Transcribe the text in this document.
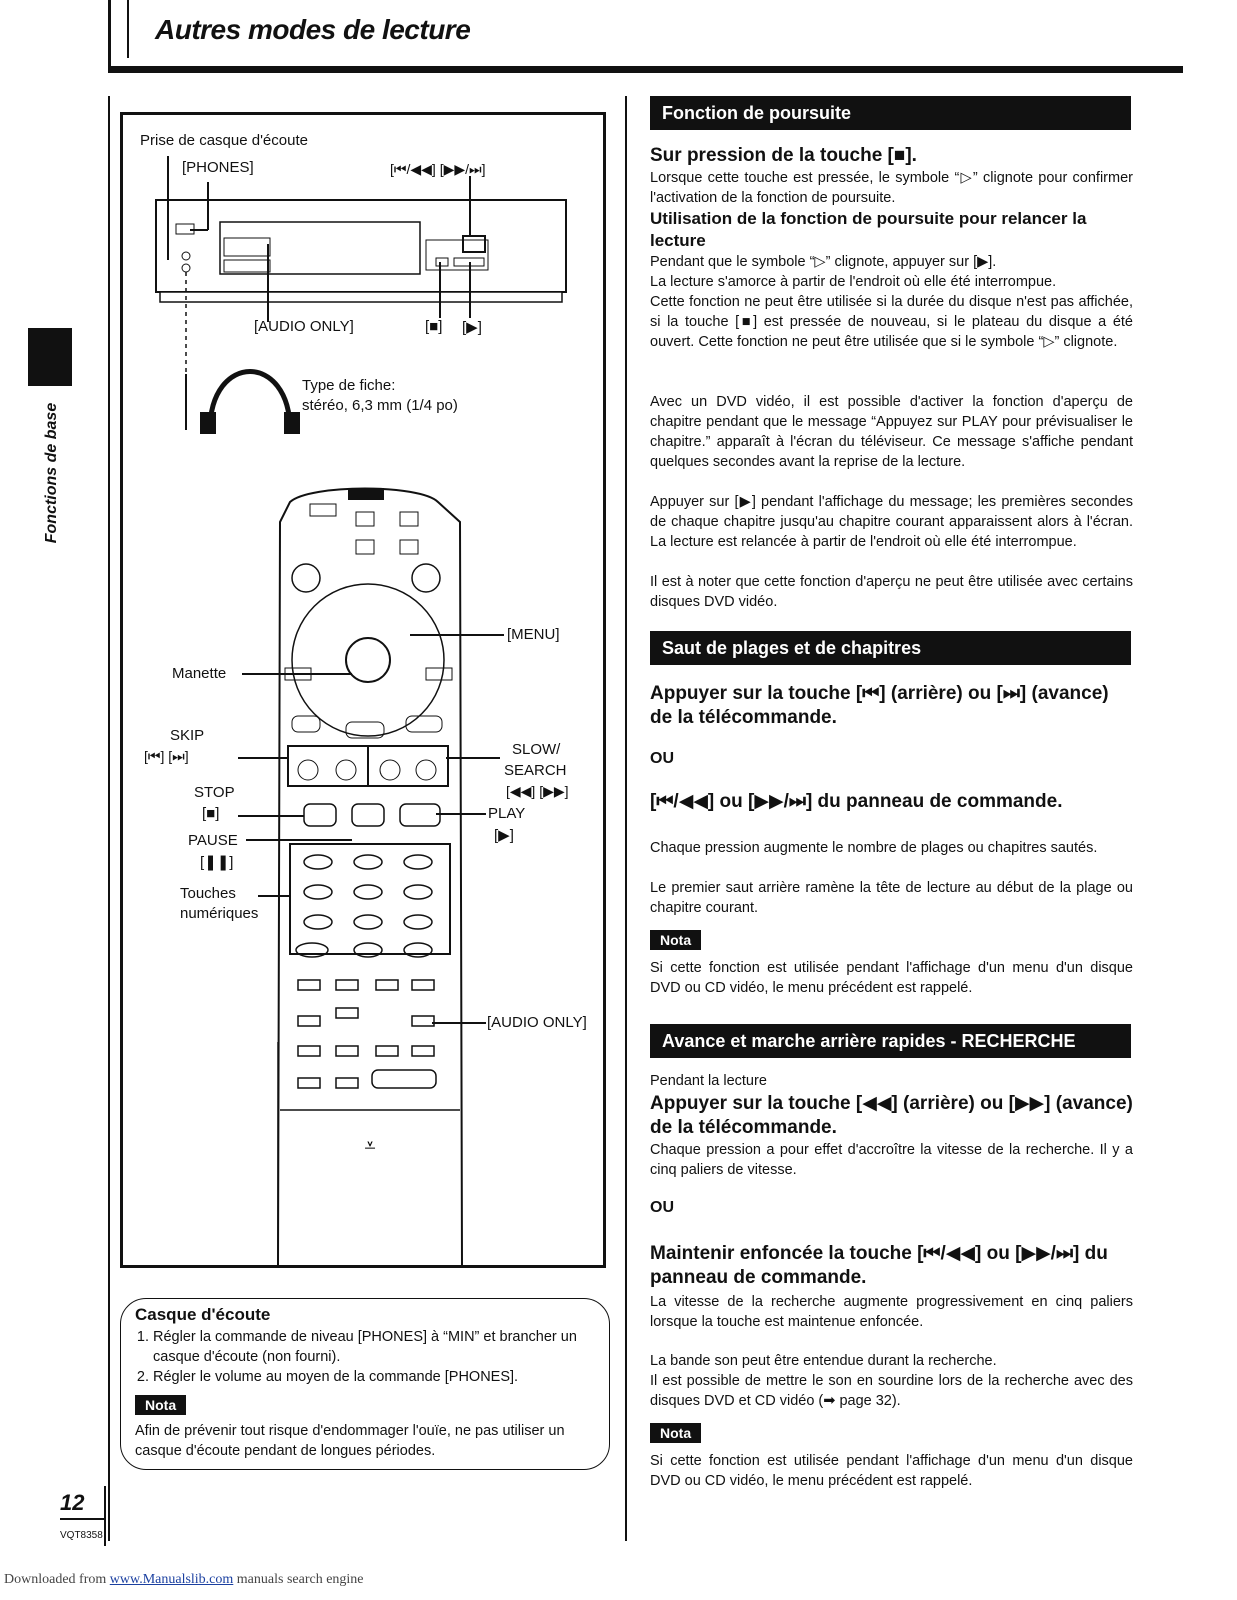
Autres modes de lecture
Fonctions de base
⩡
Prise de casque d'écoute
[PHONES]	[⏮/◀◀] [▶▶/⏭]
[AUDIO ONLY]	[■] [▶]
Type de fiche:
stéréo, 6,3 mm (1/4 po)
[MENU]
Manette
SKIP
[⏮] [⏭]	SLOW/
SEARCH
[◀◀] [▶▶]
STOP
[■]	PLAY
[▶]
PAUSE
[❚❚]
Touches
numériques
[AUDIO ONLY]
Casque d'écoute
1. Régler la commande de niveau [PHONES] à “MIN” et brancher un casque d'écoute (non fourni).
2. Régler le volume au moyen de la commande [PHONES].
Nota

Afin de prévenir tout risque d'endommager l'ouïe, ne pas utiliser un casque d'écoute pendant de longues périodes.

Fonction de poursuite
Sur pression de la touche [■].
Lorsque cette touche est pressée, le symbole “▷” clignote pour confirmer l'activation de la fonction de poursuite.
Utilisation de la fonction de poursuite pour relancer la lecture
Pendant que le symbole “▷” clignote, appuyer sur [▶].
La lecture s'amorce à partir de l'endroit où elle été interrompue.
Cette fonction ne peut être utilisée si la durée du disque n'est pas affichée, si la touche [■] est pressée de nouveau, si le plateau du disque a été ouvert. Cette fonction ne peut être utilisée que si le symbole “▷” clignote.
Avec un DVD vidéo, il est possible d'activer la fonction d'aperçu de chapitre pendant que le message “Appuyez sur PLAY pour prévisualiser le chapitre.” apparaît à l'écran du téléviseur. Ce message s'affiche pendant quelques secondes avant la reprise de la lecture.
Appuyer sur [▶] pendant l'affichage du message; les premières secondes de chaque chapitre jusqu'au chapitre courant apparaissent alors à l'écran. La lecture est relancée à partir de l'endroit où elle été interrompue.
Il est à noter que cette fonction d'aperçu ne peut être utilisée avec certains disques DVD vidéo.
Saut de plages et de chapitres
Appuyer sur la touche [⏮] (arrière) ou [⏭] (avance) de la télécommande.
OU
[⏮/◀◀] ou [▶▶/⏭] du panneau de commande.
Chaque pression augmente le nombre de plages ou chapitres sautés.
Le premier saut arrière ramène la tête de lecture au début de la plage ou chapitre courant.
Nota
Si cette fonction est utilisée pendant l'affichage d'un menu d'un disque DVD ou CD vidéo, le menu précédent est rappelé.
Avance et marche arrière rapides - RECHERCHE
Pendant la lecture
Appuyer sur la touche [◀◀] (arrière) ou [▶▶] (avance) de la télécommande.
Chaque pression a pour effet d'accroître la vitesse de la recherche. Il y a cinq paliers de vitesse.
OU
Maintenir enfoncée la touche [⏮/◀◀] ou [▶▶/⏭] du panneau de commande.
La vitesse de la recherche augmente progressivement en cinq paliers lorsque la touche est maintenue enfoncée.
La bande son peut être entendue durant la recherche.
Il est possible de mettre le son en sourdine lors de la recherche avec des disques DVD et CD vidéo (➡ page 32).
Nota
Si cette fonction est utilisée pendant l'affichage d'un menu d'un disque DVD ou CD vidéo, le menu précédent est rappelé.
12
VQT8358
Downloaded from www.Manualslib.com manuals search engine
